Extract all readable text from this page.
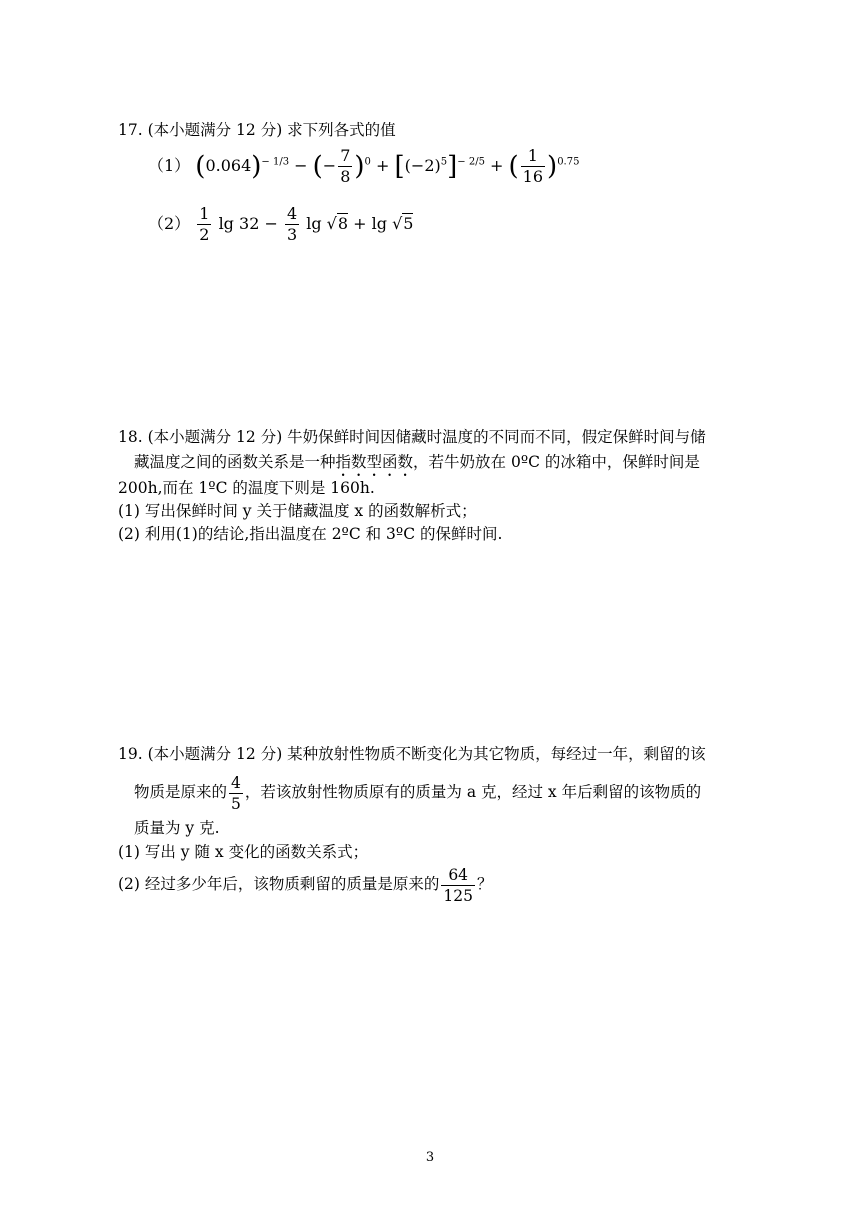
17. (本小题满分 12 分) 求下列各式的值
（1） $(0.064)^{- 1/3}$ − (− $\frac{7}{8} )^0 + [(-2)^5]^{- 2/5}$ + ( $\frac{1}{16} )^{0.75}$
$(2) \frac{1}{2}$ $\lg 32 - \frac{4}{3}$ lg √8 + lg √5
18. (本小题满分 12 分) 牛奶保鲜时间因储藏时温度的不同而不同，假定保鲜时间与储
藏温度之间的函数关系是一种指数型函数，若牛奶放在 0ºC 的冰箱中，保鲜时间是
200h,而在 1ºC 的温度下则是 160h.
(1) 写出保鲜时间 y 关于储藏温度 x 的函数解析式；
(2) 利用(1)的结论,指出温度在 2ºC 和 3ºC 的保鲜时间.
19. (本小题满分 12 分) 某种放射性物质不断变化为其它物质，每经过一年，剩留的该
物质是原来的 $\frac{4}{5}$ ，若该放射性物质原有的质量为 a 克，经过 x 年后剩留的该物质的
质量为 y 克.
(1) 写出 y 随 x 变化的函数关系式；
(2) 经过多少年后，该物质剩留的质量是原来的 $\frac{64}{125}$ ？
3
